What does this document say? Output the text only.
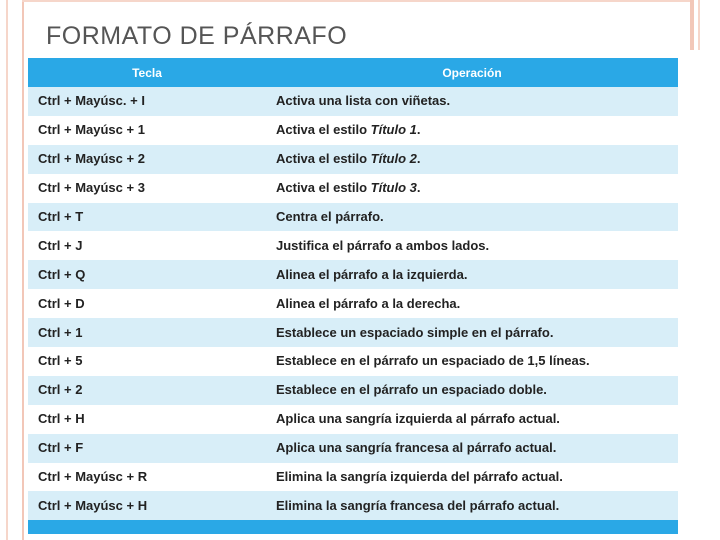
FORMATO DE PÁRRAFO
Tecla	Operación
Ctrl + Mayúsc. + I	Activa una lista con viñetas.
Ctrl + Mayúsc + 1	Activa el estilo Título 1.
Ctrl + Mayúsc + 2	Activa el estilo Título 2.
Ctrl + Mayúsc + 3	Activa el estilo Título 3.
Ctrl + T	Centra el párrafo.
Ctrl + J	Justifica el párrafo a ambos lados.
Ctrl + Q	Alinea el párrafo a la izquierda.
Ctrl + D	Alinea el párrafo a la derecha.
Ctrl + 1	Establece un espaciado simple en el párrafo.
Ctrl + 5	Establece en el párrafo un espaciado de 1,5 líneas.
Ctrl + 2	Establece en el párrafo un espaciado doble.
Ctrl + H	Aplica una sangría izquierda al párrafo actual.
Ctrl + F	Aplica una sangría francesa al párrafo actual.
Ctrl + Mayúsc + R	Elimina la sangría izquierda del párrafo actual.
Ctrl + Mayúsc + H	Elimina la sangría francesa del párrafo actual.
